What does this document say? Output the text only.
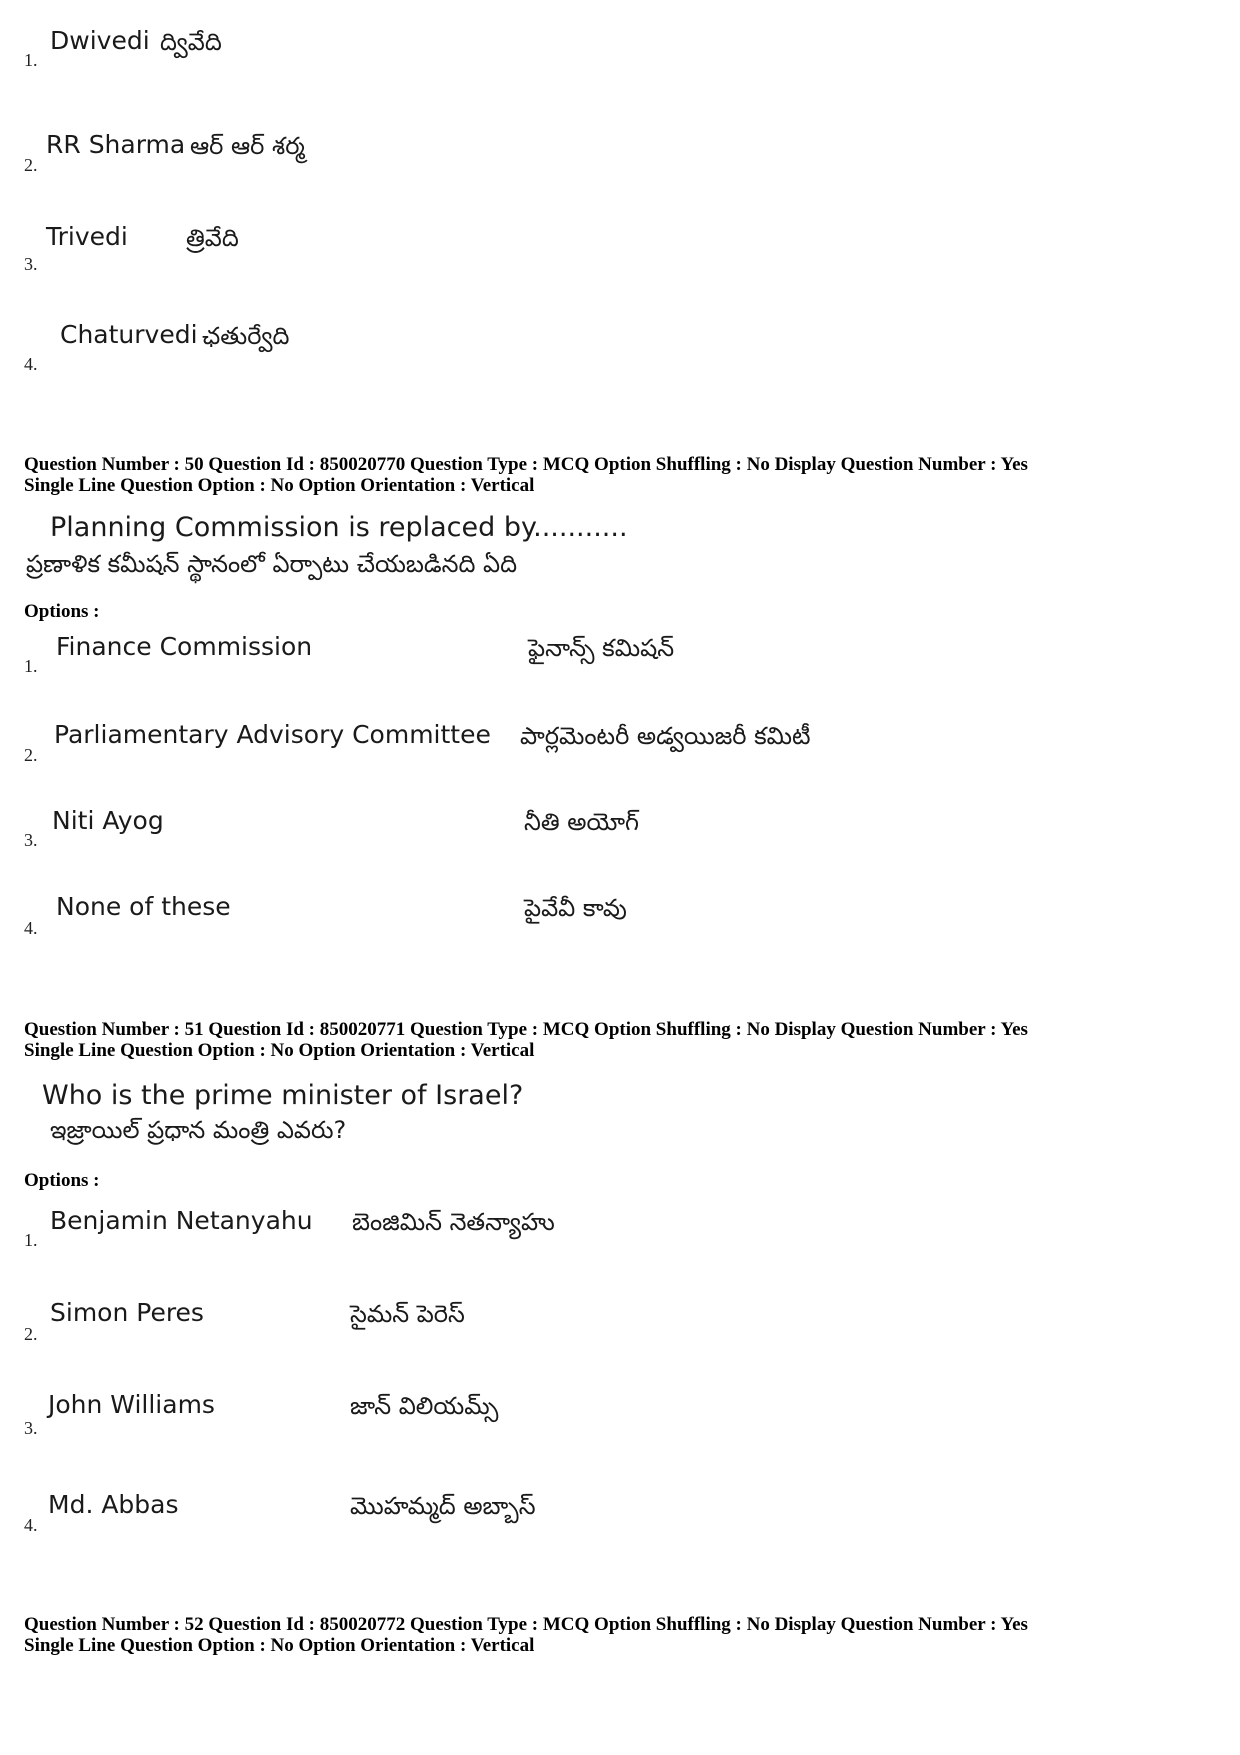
1.
Dwivedi ద్వివేది
2.
RR Sharma ఆర్ ఆర్ శర్మ
3.
Trivedi త్రివేది
4.
Chaturvedi ఛతుర్వేది
Question Number : 50 Question Id : 850020770 Question Type : MCQ Option Shuffling : No Display Question Number : Yes
Single Line Question Option : No Option Orientation : Vertical
Planning Commission is replaced by...........
ప్రణాళిక కమీషన్ స్థానంలో ఏర్పాటు చేయబడినది ఏది
Options :
1.
Finance Commission	ఫైనాన్స్ కమిషన్
2.
Parliamentary Advisory Committee పార్లమెంటరీ అడ్వయిజరీ కమిటీ
3.
Niti Ayog	నీతి అయోగ్
4.
None of these	పైవేవీ కావు
Question Number : 51 Question Id : 850020771 Question Type : MCQ Option Shuffling : No Display Question Number : Yes
Single Line Question Option : No Option Orientation : Vertical
Who is the prime minister of Israel?
ఇజ్రాయిల్ ప్రధాన మంత్రి ఎవరు?
Options :
1.
Benjamin Netanyahu బెంజిమిన్ నెతన్యాహు
2.
Simon Peres	సైమన్ పెరెస్
3.
John Williams	జాన్ విలియమ్స్
4.
Md. Abbas	మొహమ్మద్ అబ్బాస్
Question Number : 52 Question Id : 850020772 Question Type : MCQ Option Shuffling : No Display Question Number : Yes
Single Line Question Option : No Option Orientation : Vertical
